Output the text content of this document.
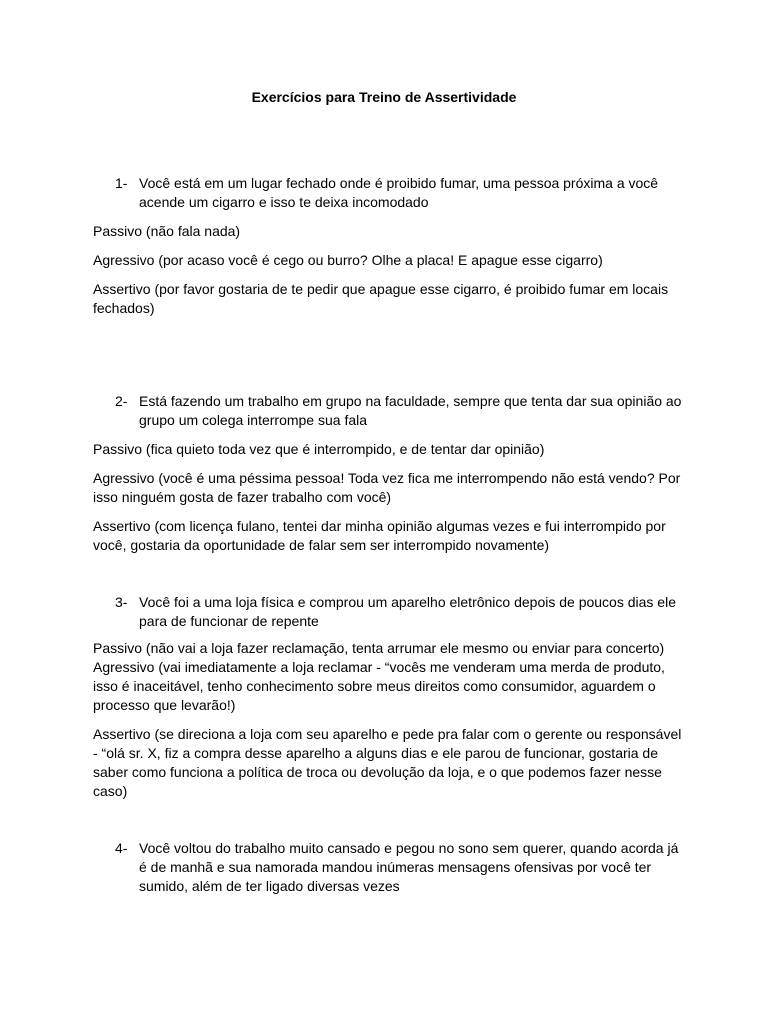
Exercícios para Treino de Assertividade
1- Você está em um lugar fechado onde é proibido fumar, uma pessoa próxima a você acende um cigarro e isso te deixa incomodado

Passivo (não fala nada)

Agressivo (por acaso você é cego ou burro? Olhe a placa! E apague esse cigarro)

Assertivo (por favor gostaria de te pedir que apague esse cigarro, é proibido fumar em locais fechados)

2- Está fazendo um trabalho em grupo na faculdade, sempre que tenta dar sua opinião ao grupo um colega interrompe sua fala

Passivo (fica quieto toda vez que é interrompido, e de tentar dar opinião)

Agressivo (você é uma péssima pessoa! Toda vez fica me interrompendo não está vendo? Por isso ninguém gosta de fazer trabalho com você)

Assertivo (com licença fulano, tentei dar minha opinião algumas vezes e fui interrompido por você, gostaria da oportunidade de falar sem ser interrompido novamente)

3- Você foi a uma loja física e comprou um aparelho eletrônico depois de poucos dias ele para de funcionar de repente

Passivo (não vai a loja fazer reclamação, tenta arrumar ele mesmo ou enviar para concerto)

Agressivo (vai imediatamente a loja reclamar - “vocês me venderam uma merda de produto, isso é inaceitável, tenho conhecimento sobre meus direitos como consumidor, aguardem o processo que levarão!)

Assertivo (se direciona a loja com seu aparelho e pede pra falar com o gerente ou responsável - “olá sr. X, fiz a compra desse aparelho a alguns dias e ele parou de funcionar, gostaria de saber como funciona a política de troca ou devolução da loja, e o que podemos fazer nesse caso)

4- Você voltou do trabalho muito cansado e pegou no sono sem querer, quando acorda já é de manhã e sua namorada mandou inúmeras mensagens ofensivas por você ter sumido, além de ter ligado diversas vezes
